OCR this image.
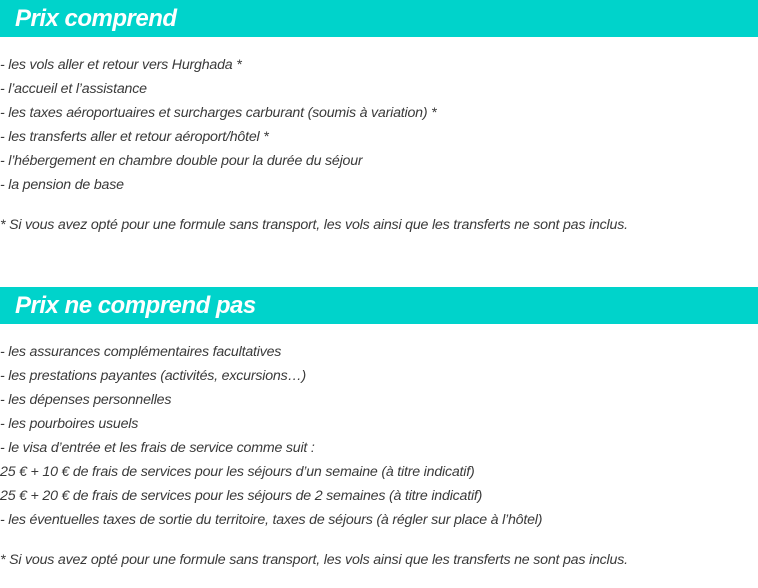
Prix comprend
- les vols aller et retour vers Hurghada *
- l’accueil et l’assistance
- les taxes aéroportuaires et surcharges carburant (soumis à variation) *
- les transferts aller et retour aéroport/hôtel *
- l’hébergement en chambre double pour la durée du séjour
- la pension de base

* Si vous avez opté pour une formule sans transport, les vols ainsi que les transferts ne sont pas inclus.

Prix ne comprend pas
- les assurances complémentaires facultatives
- les prestations payantes (activités, excursions…)
- les dépenses personnelles
- les pourboires usuels
- le visa d’entrée et les frais de service comme suit :
25 € + 10 € de frais de services pour les séjours d’un semaine (à titre indicatif)
25 € + 20 € de frais de services pour les séjours de 2 semaines (à titre indicatif)
- les éventuelles taxes de sortie du territoire, taxes de séjours (à régler sur place à l’hôtel)

* Si vous avez opté pour une formule sans transport, les vols ainsi que les transferts ne sont pas inclus.
